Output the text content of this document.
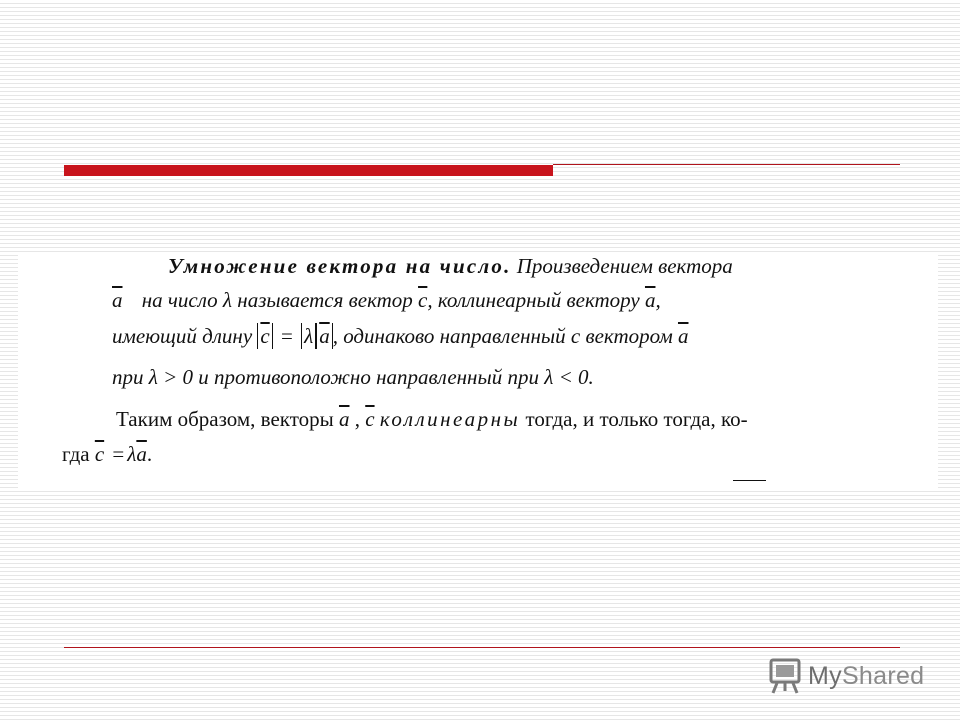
Умножение вектора на число. Произведением вектора
$\overline{a}$ на число λ называется вектор $\overline{c}$, коллинеарный вектору $\overline{a}$,
имеющий длину $\overline{c} = \lambda$ $\overline{a}$ , одинаково направленный с вектором $\overline{a}$
при λ > 0 и противоположно направленный при λ < 0.
Таким образом, векторы $\overline{a}$ , $\overline{c}$ коллинеарны тогда, и только тогда, ко-
гда $\overline{c} = \lambda\overline{a}$.
MyShared
